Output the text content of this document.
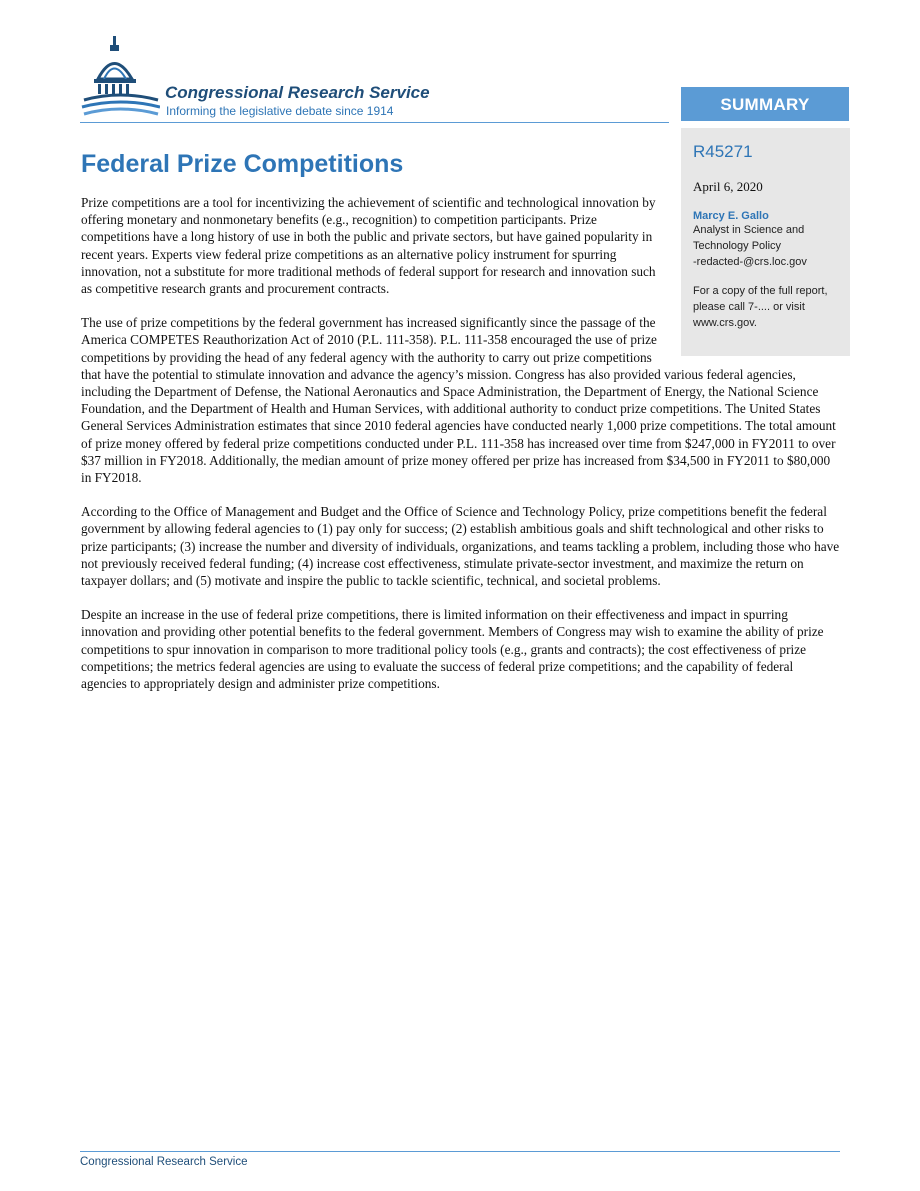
Congressional Research Service
Informing the legislative debate since 1914	SUMMARY
R45271
April 6, 2020
Marcy E. Gallo
Analyst in Science and
Technology Policy
-redacted-@crs.loc.gov
For a copy of the full report,
please call 7-.... or visit
www.crs.gov.
Federal Prize Competitions

Prize competitions are a tool for incentivizing the achievement of scientific and technological innovation by offering monetary and nonmonetary benefits (e.g., recognition) to competition participants. Prize competitions have a long history of use in both the public and private sectors, but have gained popularity in recent years. Experts view federal prize competitions as an alternative policy instrument for spurring innovation, not a substitute for more traditional methods of federal support for research and innovation such as competitive research grants and procurement contracts.

The use of prize competitions by the federal government has increased significantly since the passage of the America COMPETES Reauthorization Act of 2010 (P.L. 111-358). P.L. 111-358 encouraged the use of prize competitions by providing the head of any federal agency with the authority to carry out prize competitions that have the potential to stimulate innovation and advance the agency’s mission. Congress has also provided various federal agencies, including the Department of Defense, the National Aeronautics and Space Administration, the Department of Energy, the National Science Foundation, and the Department of Health and Human Services, with additional authority to conduct prize competitions. The United States General Services Administration estimates that since 2010 federal agencies have conducted nearly 1,000 prize competitions. The total amount of prize money offered by federal prize competitions conducted under P.L. 111-358 has increased over time from $247,000 in FY2011 to over $37 million in FY2018. Additionally, the median amount of prize money offered per prize has increased from $34,500 in FY2011 to $80,000 in FY2018.

According to the Office of Management and Budget and the Office of Science and Technology Policy, prize competitions benefit the federal government by allowing federal agencies to (1) pay only for success; (2) establish ambitious goals and shift technological and other risks to prize participants; (3) increase the number and diversity of individuals, organizations, and teams tackling a problem, including those who have not previously received federal funding; (4) increase cost effectiveness, stimulate private-sector investment, and maximize the return on taxpayer dollars; and (5) motivate and inspire the public to tackle scientific, technical, and societal problems.

Despite an increase in the use of federal prize competitions, there is limited information on their effectiveness and impact in spurring innovation and providing other potential benefits to the federal government. Members of Congress may wish to examine the ability of prize competitions to spur innovation in comparison to more traditional policy tools (e.g., grants and contracts); the cost effectiveness of prize competitions; the metrics federal agencies are using to evaluate the success of federal prize competitions; and the capability of federal agencies to appropriately design and administer prize competitions.

Congressional Research Service
